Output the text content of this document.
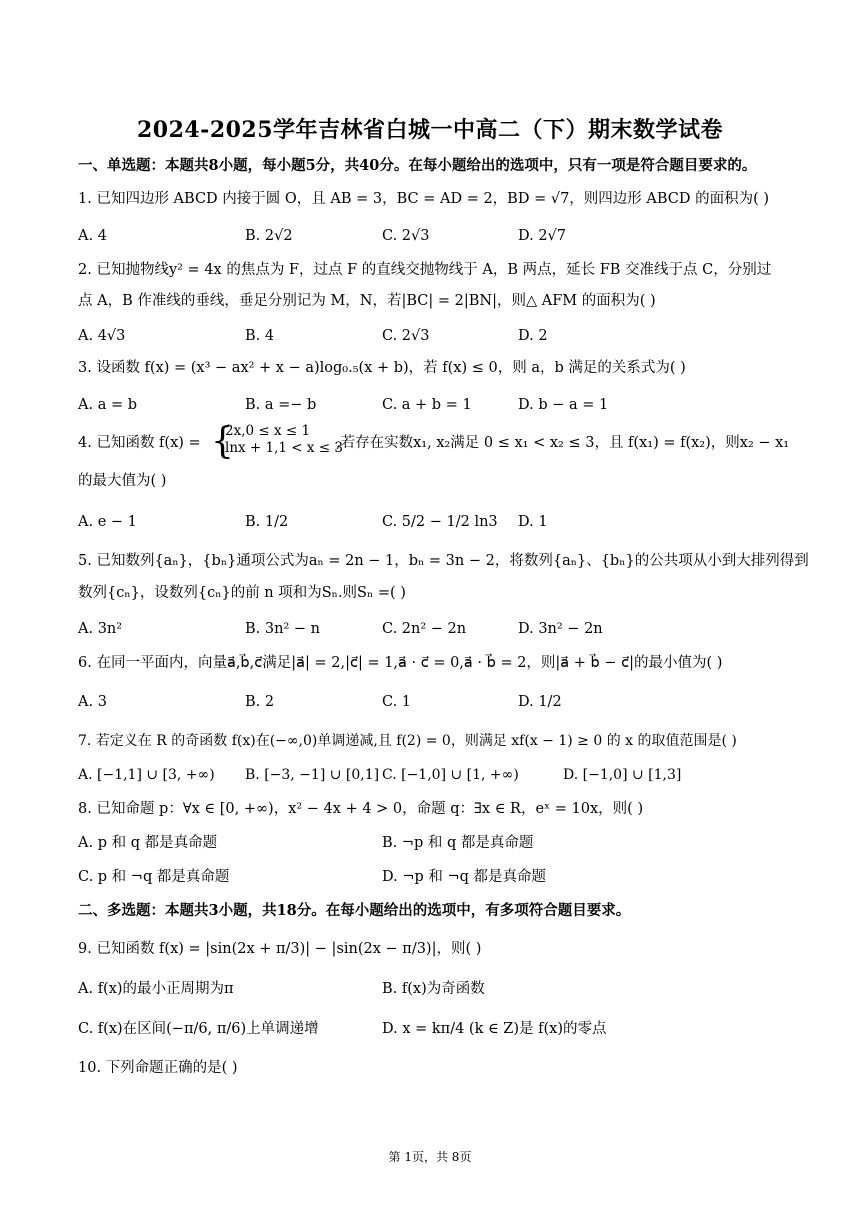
2024-2025学年吉林省白城一中高二（下）期末数学试卷
一、单选题：本题共8小题，每小题5分，共40分。在每小题给出的选项中，只有一项是符合题目要求的。
1. 已知四边形 ABCD 内接于圆 O，且 AB = 3，BC = AD = 2，BD = √7，则四边形 ABCD 的面积为( )
A. 4	B. 2√2	C. 2√3	D. 2√7
2. 已知抛物线y² = 4x 的焦点为 F，过点 F 的直线交抛物线于 A，B 两点，延长 FB 交准线于点 C，分别过
点 A，B 作准线的垂线，垂足分别记为 M，N，若|BC| = 2|BN|，则△ AFM 的面积为( )
A. 4√3	B. 4	C. 2√3	D. 2
3. 设函数 f(x) = (x³ − ax² + x − a)log₀.₅(x + b)，若 f(x) ≤ 0，则 a，b 满足的关系式为( )
A. a = b	B. a =− b	C. a + b = 1	D. b − a = 1
4. 已知函数 f(x) = {
2x,0 ≤ x ≤ 1
lnx + 1,1 < x ≤ 3
,若存在实数x₁, x₂满足 0 ≤ x₁ < x₂ ≤ 3，且 f(x₁) = f(x₂)，则x₂ − x₁
的最大值为( )
A. e − 1	B. 1/2	C. 5/2 − 1/2 ln3 D. 1
5. 已知数列{aₙ}，{bₙ}通项公式为aₙ = 2n − 1，bₙ = 3n − 2，将数列{aₙ}、{bₙ}的公共项从小到大排列得到
数列{cₙ}，设数列{cₙ}的前 n 项和为Sₙ.则Sₙ =( )
A. 3n²	B. 3n² − n	C. 2n² − 2n	D. 3n² − 2n
6. 在同一平面内，向量a⃗,b⃗,c⃗满足|a⃗| = 2,|c⃗| = 1,a⃗ · c⃗ = 0,a⃗ · b⃗ = 2，则|a⃗ + b⃗ − c⃗|的最小值为( )
A. 3	B. 2	C. 1	D. 1/2
7. 若定义在 R 的奇函数 f(x)在(−∞,0)单调递减,且 f(2) = 0，则满足 xf(x − 1) ≥ 0 的 x 的取值范围是( )
A. [−1,1] ∪ [3, +∞) B. [−3, −1] ∪ [0,1] C. [−1,0] ∪ [1, +∞)	D. [−1,0] ∪ [1,3]
8. 已知命题 p：∀x ∈ [0, +∞)，x² − 4x + 4 > 0，命题 q：∃x ∈ R，eˣ = 10x，则( )
A. p 和 q 都是真命题	B. ¬p 和 q 都是真命题
C. p 和 ¬q 都是真命题	D. ¬p 和 ¬q 都是真命题
二、多选题：本题共3小题，共18分。在每小题给出的选项中，有多项符合题目要求。
9. 已知函数 f(x) = |sin(2x + π/3)| − |sin(2x − π/3)|，则( )
A. f(x)的最小正周期为π	B. f(x)为奇函数
C. f(x)在区间(−π/6, π/6)上单调递增	D. x = kπ/4 (k ∈ Z)是 f(x)的零点
10. 下列命题正确的是( )
第 1页，共 8页
